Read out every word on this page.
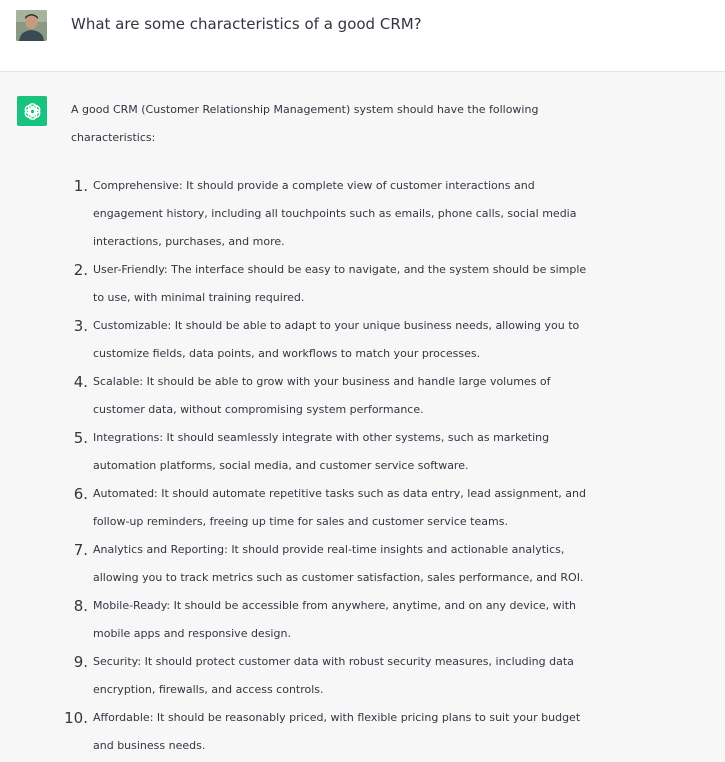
What are some characteristics of a good CRM?
A good CRM (Customer Relationship Management) system should have the following
characteristics:
1. Comprehensive: It should provide a complete view of customer interactions and
engagement history, including all touchpoints such as emails, phone calls, social media
interactions, purchases, and more.
2. User-Friendly: The interface should be easy to navigate, and the system should be simple
to use, with minimal training required.
3. Customizable: It should be able to adapt to your unique business needs, allowing you to
customize fields, data points, and workflows to match your processes.
4. Scalable: It should be able to grow with your business and handle large volumes of
customer data, without compromising system performance.
5. Integrations: It should seamlessly integrate with other systems, such as marketing
automation platforms, social media, and customer service software.
6. Automated: It should automate repetitive tasks such as data entry, lead assignment, and
follow-up reminders, freeing up time for sales and customer service teams.
7. Analytics and Reporting: It should provide real-time insights and actionable analytics,
allowing you to track metrics such as customer satisfaction, sales performance, and ROI.
8. Mobile-Ready: It should be accessible from anywhere, anytime, and on any device, with
mobile apps and responsive design.
9. Security: It should protect customer data with robust security measures, including data
encryption, firewalls, and access controls.
10. Affordable: It should be reasonably priced, with flexible pricing plans to suit your budget
and business needs.
